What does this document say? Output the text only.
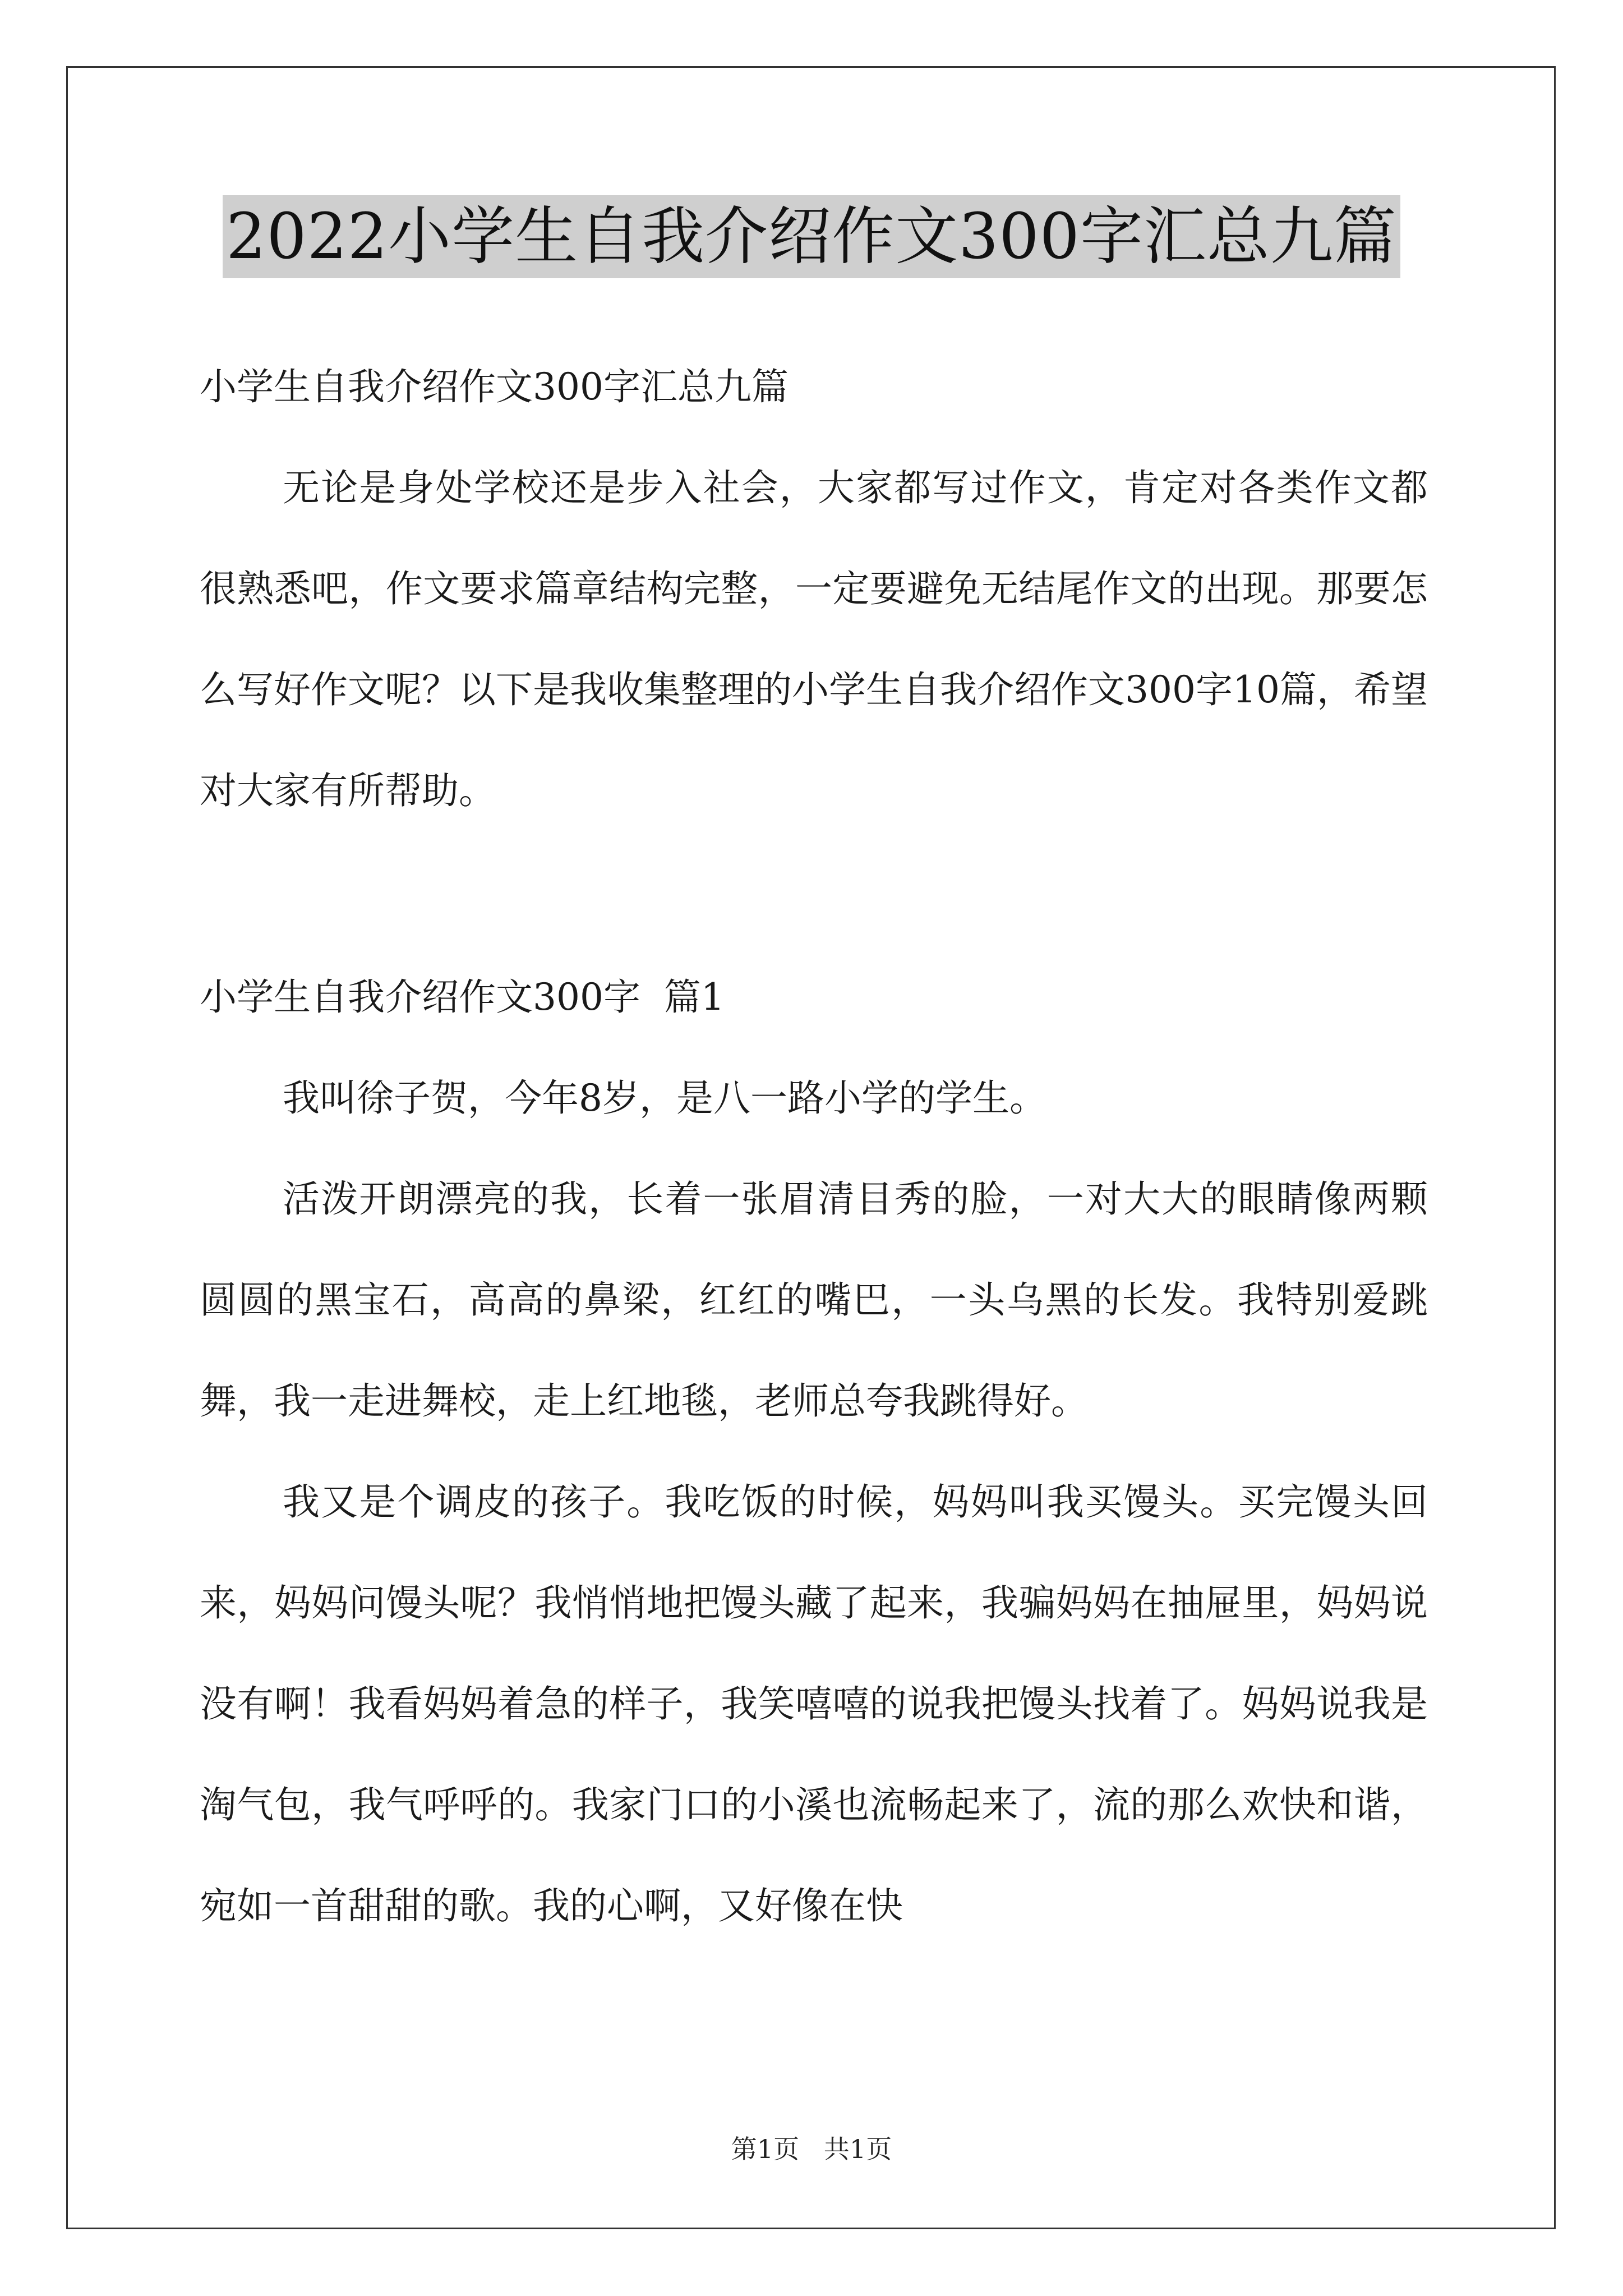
2022小学生自我介绍作文300字汇总九篇

小学生自我介绍作文300字汇总九篇

无论是身处学校还是步入社会，大家都写过作文，肯定对各类作文都很熟悉吧，作文要求篇章结构完整，一定要避免无结尾作文的出现。那要怎么写好作文呢？以下是我收集整理的小学生自我介绍作文300字10篇，希望对大家有所帮助。

小学生自我介绍作文300字  篇1

我叫徐子贺，今年8岁，是八一路小学的学生。

活泼开朗漂亮的我，长着一张眉清目秀的脸，一对大大的眼睛像两颗圆圆的黑宝石，高高的鼻梁，红红的嘴巴，一头乌黑的长发。我特别爱跳舞，我一走进舞校，走上红地毯，老师总夸我跳得好。

我又是个调皮的孩子。我吃饭的时候，妈妈叫我买馒头。买完馒头回来，妈妈问馒头呢？我悄悄地把馒头藏了起来，我骗妈妈在抽屉里，妈妈说没有啊！我看妈妈着急的样子，我笑嘻嘻的说我把馒头找着了。妈妈说我是淘气包，我气呼呼的。我家门口的小溪也流畅起来了，流的那么欢快和谐，宛如一首甜甜的歌。我的心啊，又好像在快

第1页   共1页
